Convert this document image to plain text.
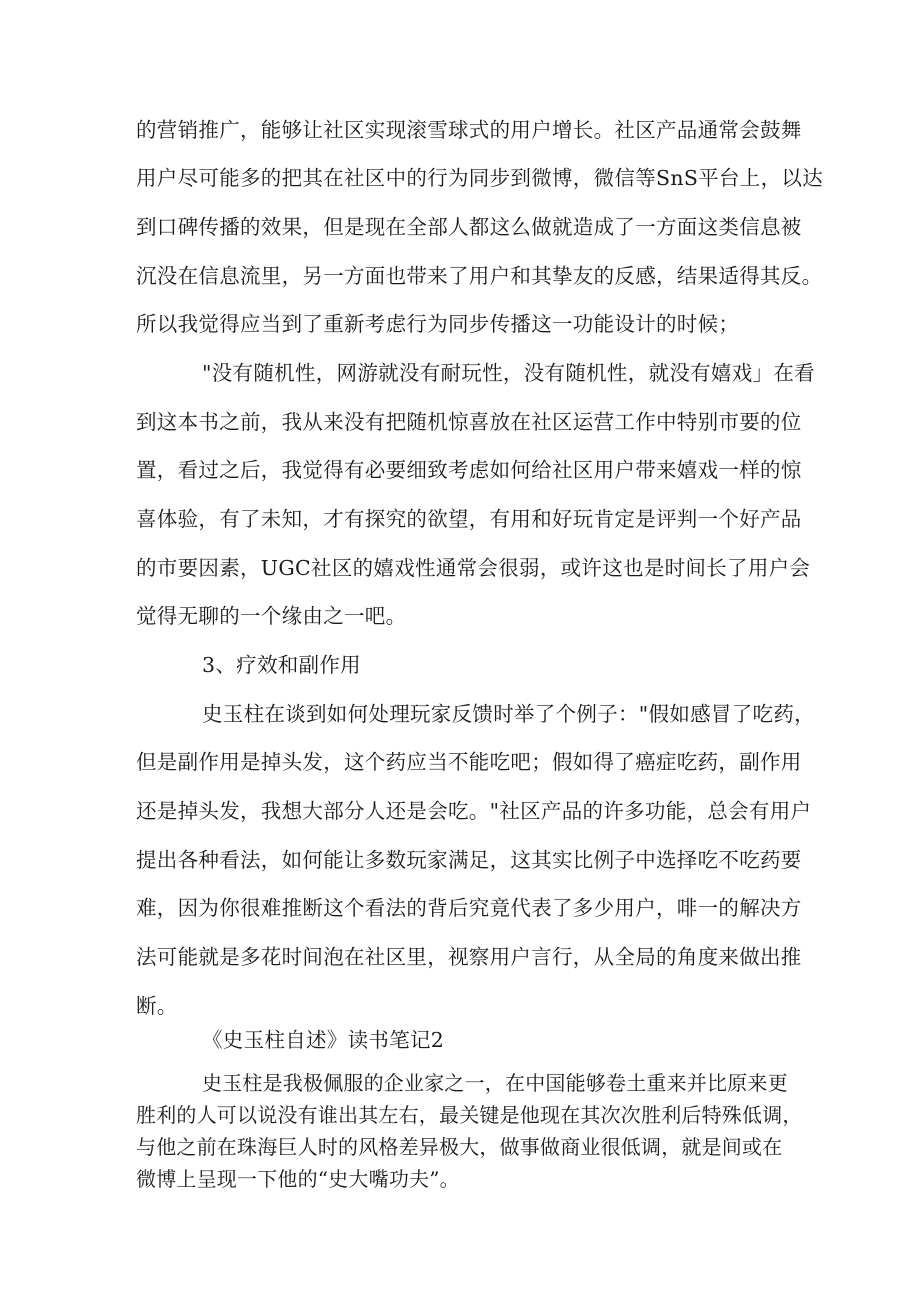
的营销推广，能够让社区实现滚雪球式的用户增长。社区产品通常会鼓舞
用户尽可能多的把其在社区中的行为同步到微博，微信等SnS平台上，以达
到口碑传播的效果，但是现在全部人都这么做就造成了一方面这类信息被
沉没在信息流里，另一方面也带来了用户和其挚友的反感，结果适得其反。
所以我觉得应当到了重新考虑行为同步传播这一功能设计的时候；
"没有随机性，网游就没有耐玩性，没有随机性，就没有嬉戏」在看
到这本书之前，我从来没有把随机惊喜放在社区运营工作中特别市要的位
置，看过之后，我觉得有必要细致考虑如何给社区用户带来嬉戏一样的惊
喜体验，有了未知，才有探究的欲望，有用和好玩肯定是评判一个好产品
的市要因素，UGC社区的嬉戏性通常会很弱，或许这也是时间长了用户会
觉得无聊的一个缘由之一吧。
3、疗效和副作用
史玉柱在谈到如何处理玩家反馈时举了个例子："假如感冒了吃药，
但是副作用是掉头发，这个药应当不能吃吧；假如得了癌症吃药，副作用
还是掉头发，我想大部分人还是会吃。"社区产品的许多功能，总会有用户
提出各种看法，如何能让多数玩家满足，这其实比例子中选择吃不吃药要
难，因为你很难推断这个看法的背后究竟代表了多少用户，啡一的解决方
法可能就是多花时间泡在社区里，视察用户言行，从全局的角度来做出推
断。
《史玉柱自述》读书笔记2
史玉柱是我极佩服的企业家之一，在中国能够卷土重来并比原来更
胜利的人可以说没有谁出其左右，最关键是他现在其次次胜利后特殊低调，
与他之前在珠海巨人时的风格差异极大，做事做商业很低调，就是间或在
微博上呈现一下他的“史大嘴功夫”。
